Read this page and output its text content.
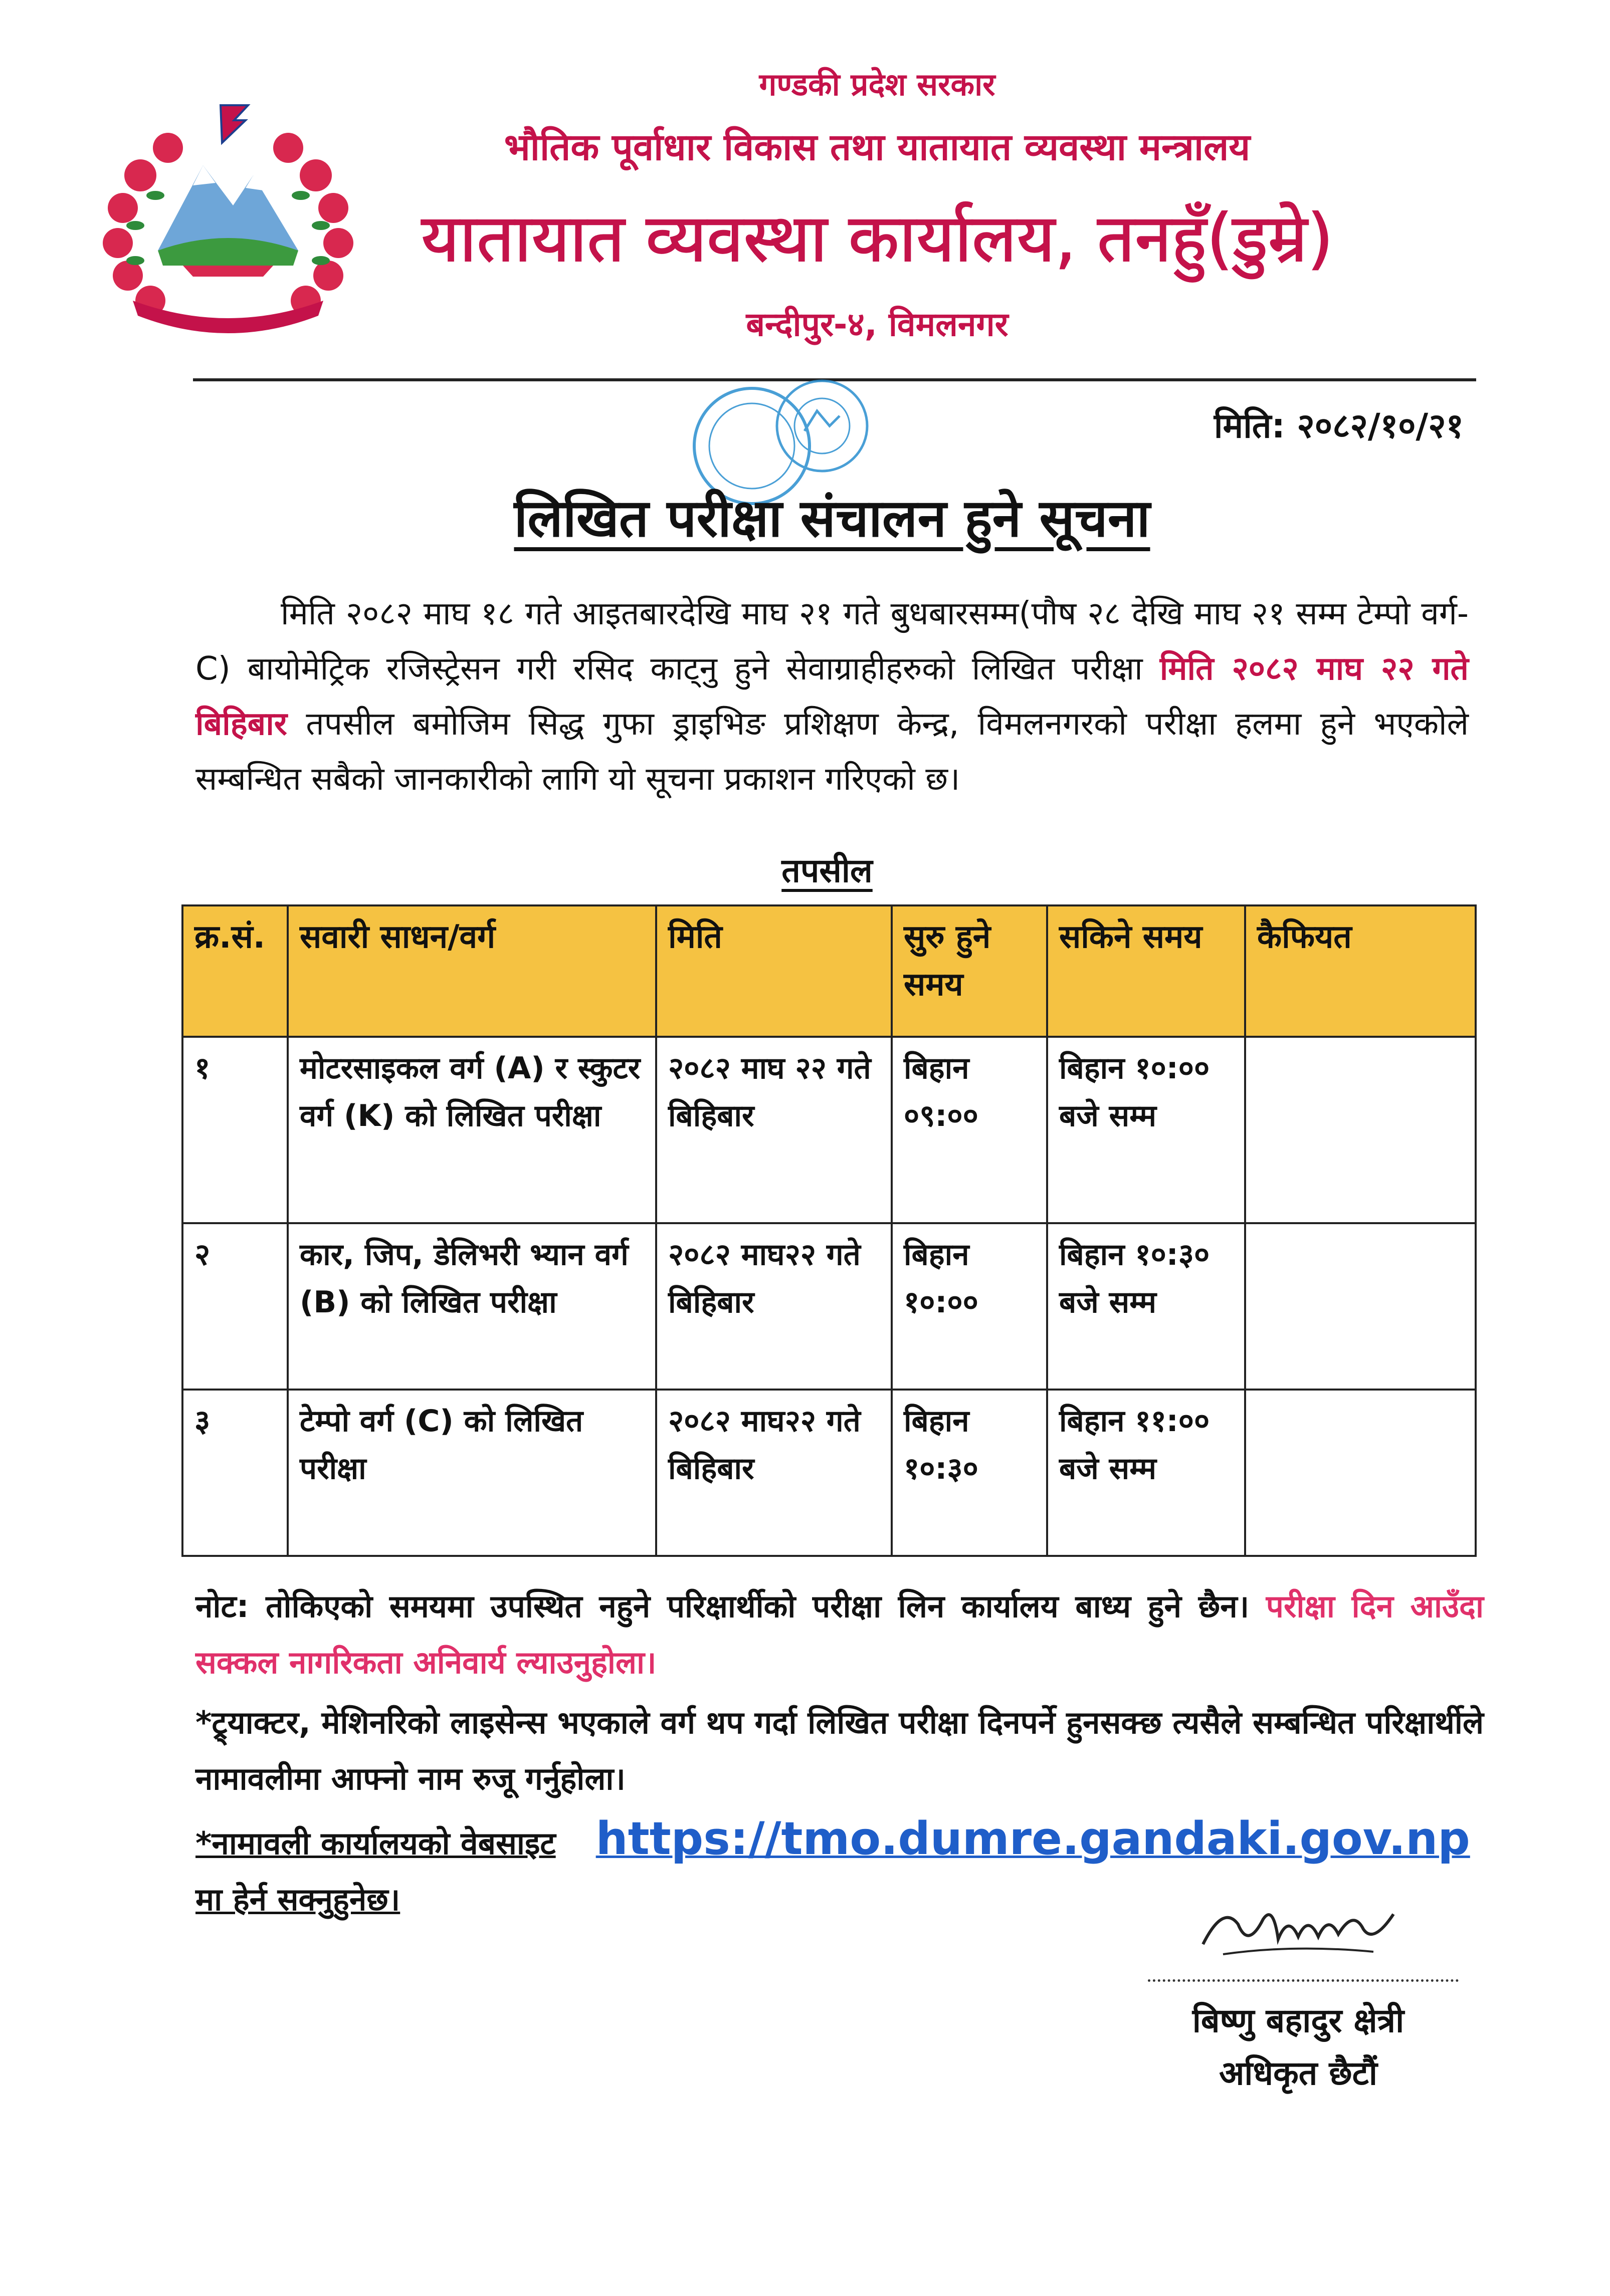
गण्डकी प्रदेश सरकार
भौतिक पूर्वाधार विकास तथा यातायात व्यवस्था मन्त्रालय
यातायात व्यवस्था कार्यालय, तनहुँ(डुम्रे)
बन्दीपुर-४, विमलनगर
मिति: २०८२/१०/२१
लिखित परीक्षा संचालन हुने सूचना
मिति २०८२ माघ १८ गते आइतबारदेखि माघ २१ गते बुधबारसम्म(पौष २८ देखि माघ २१ सम्म टेम्पो वर्ग- C) बायोमेट्रिक रजिस्ट्रेसन गरी रसिद काट्नु हुने सेवाग्राहीहरुको लिखित परीक्षा मिति २०८२ माघ २२ गते बिहिबार तपसील बमोजिम सिद्ध गुफा ड्राइभिङ प्रशिक्षण केन्द्र, विमलनगरको परीक्षा हलमा हुने भएकोले सम्बन्धित सबैको जानकारीको लागि यो सूचना प्रकाशन गरिएको छ।
तपसील
क्र.सं.	सवारी साधन/वर्ग	मिति	सुरु हुने समय	सकिने समय	कैफियत
१	मोटरसाइकल वर्ग (A) र स्कुटर वर्ग (K) को लिखित परीक्षा	२०८२ माघ २२ गते बिहिबार	बिहान ०९:००	बिहान १०:०० बजे सम्म	
२	कार, जिप, डेलिभरी भ्यान वर्ग (B) को लिखित परीक्षा	२०८२ माघ२२ गते बिहिबार	बिहान १०:००	बिहान १०:३० बजे सम्म	
३	टेम्पो वर्ग (C) को लिखित परीक्षा	२०८२ माघ२२ गते बिहिबार	बिहान १०:३०	बिहान ११:०० बजे सम्म	

नोट: तोकिएको समयमा उपस्थित नहुने परिक्षार्थीको परीक्षा लिन कार्यालय बाध्य हुने छैन। परीक्षा दिन आउँदा सक्कल नागरिकता अनिवार्य ल्याउनुहोला।

*ट्र्याक्टर, मेशिनरिको लाइसेन्स भएकाले वर्ग थप गर्दा लिखित परीक्षा दिनपर्ने हुनसक्छ त्यसैले सम्बन्धित परिक्षार्थीले नामावलीमा आफ्नो नाम रुजू गर्नुहोला।

*नामावली कार्यालयको वेबसाइट https://tmo.dumre.gandaki.gov.np
मा हेर्न सक्नुहुनेछ।

बिष्णु बहादुर क्षेत्री
अधिकृत छैटौं
